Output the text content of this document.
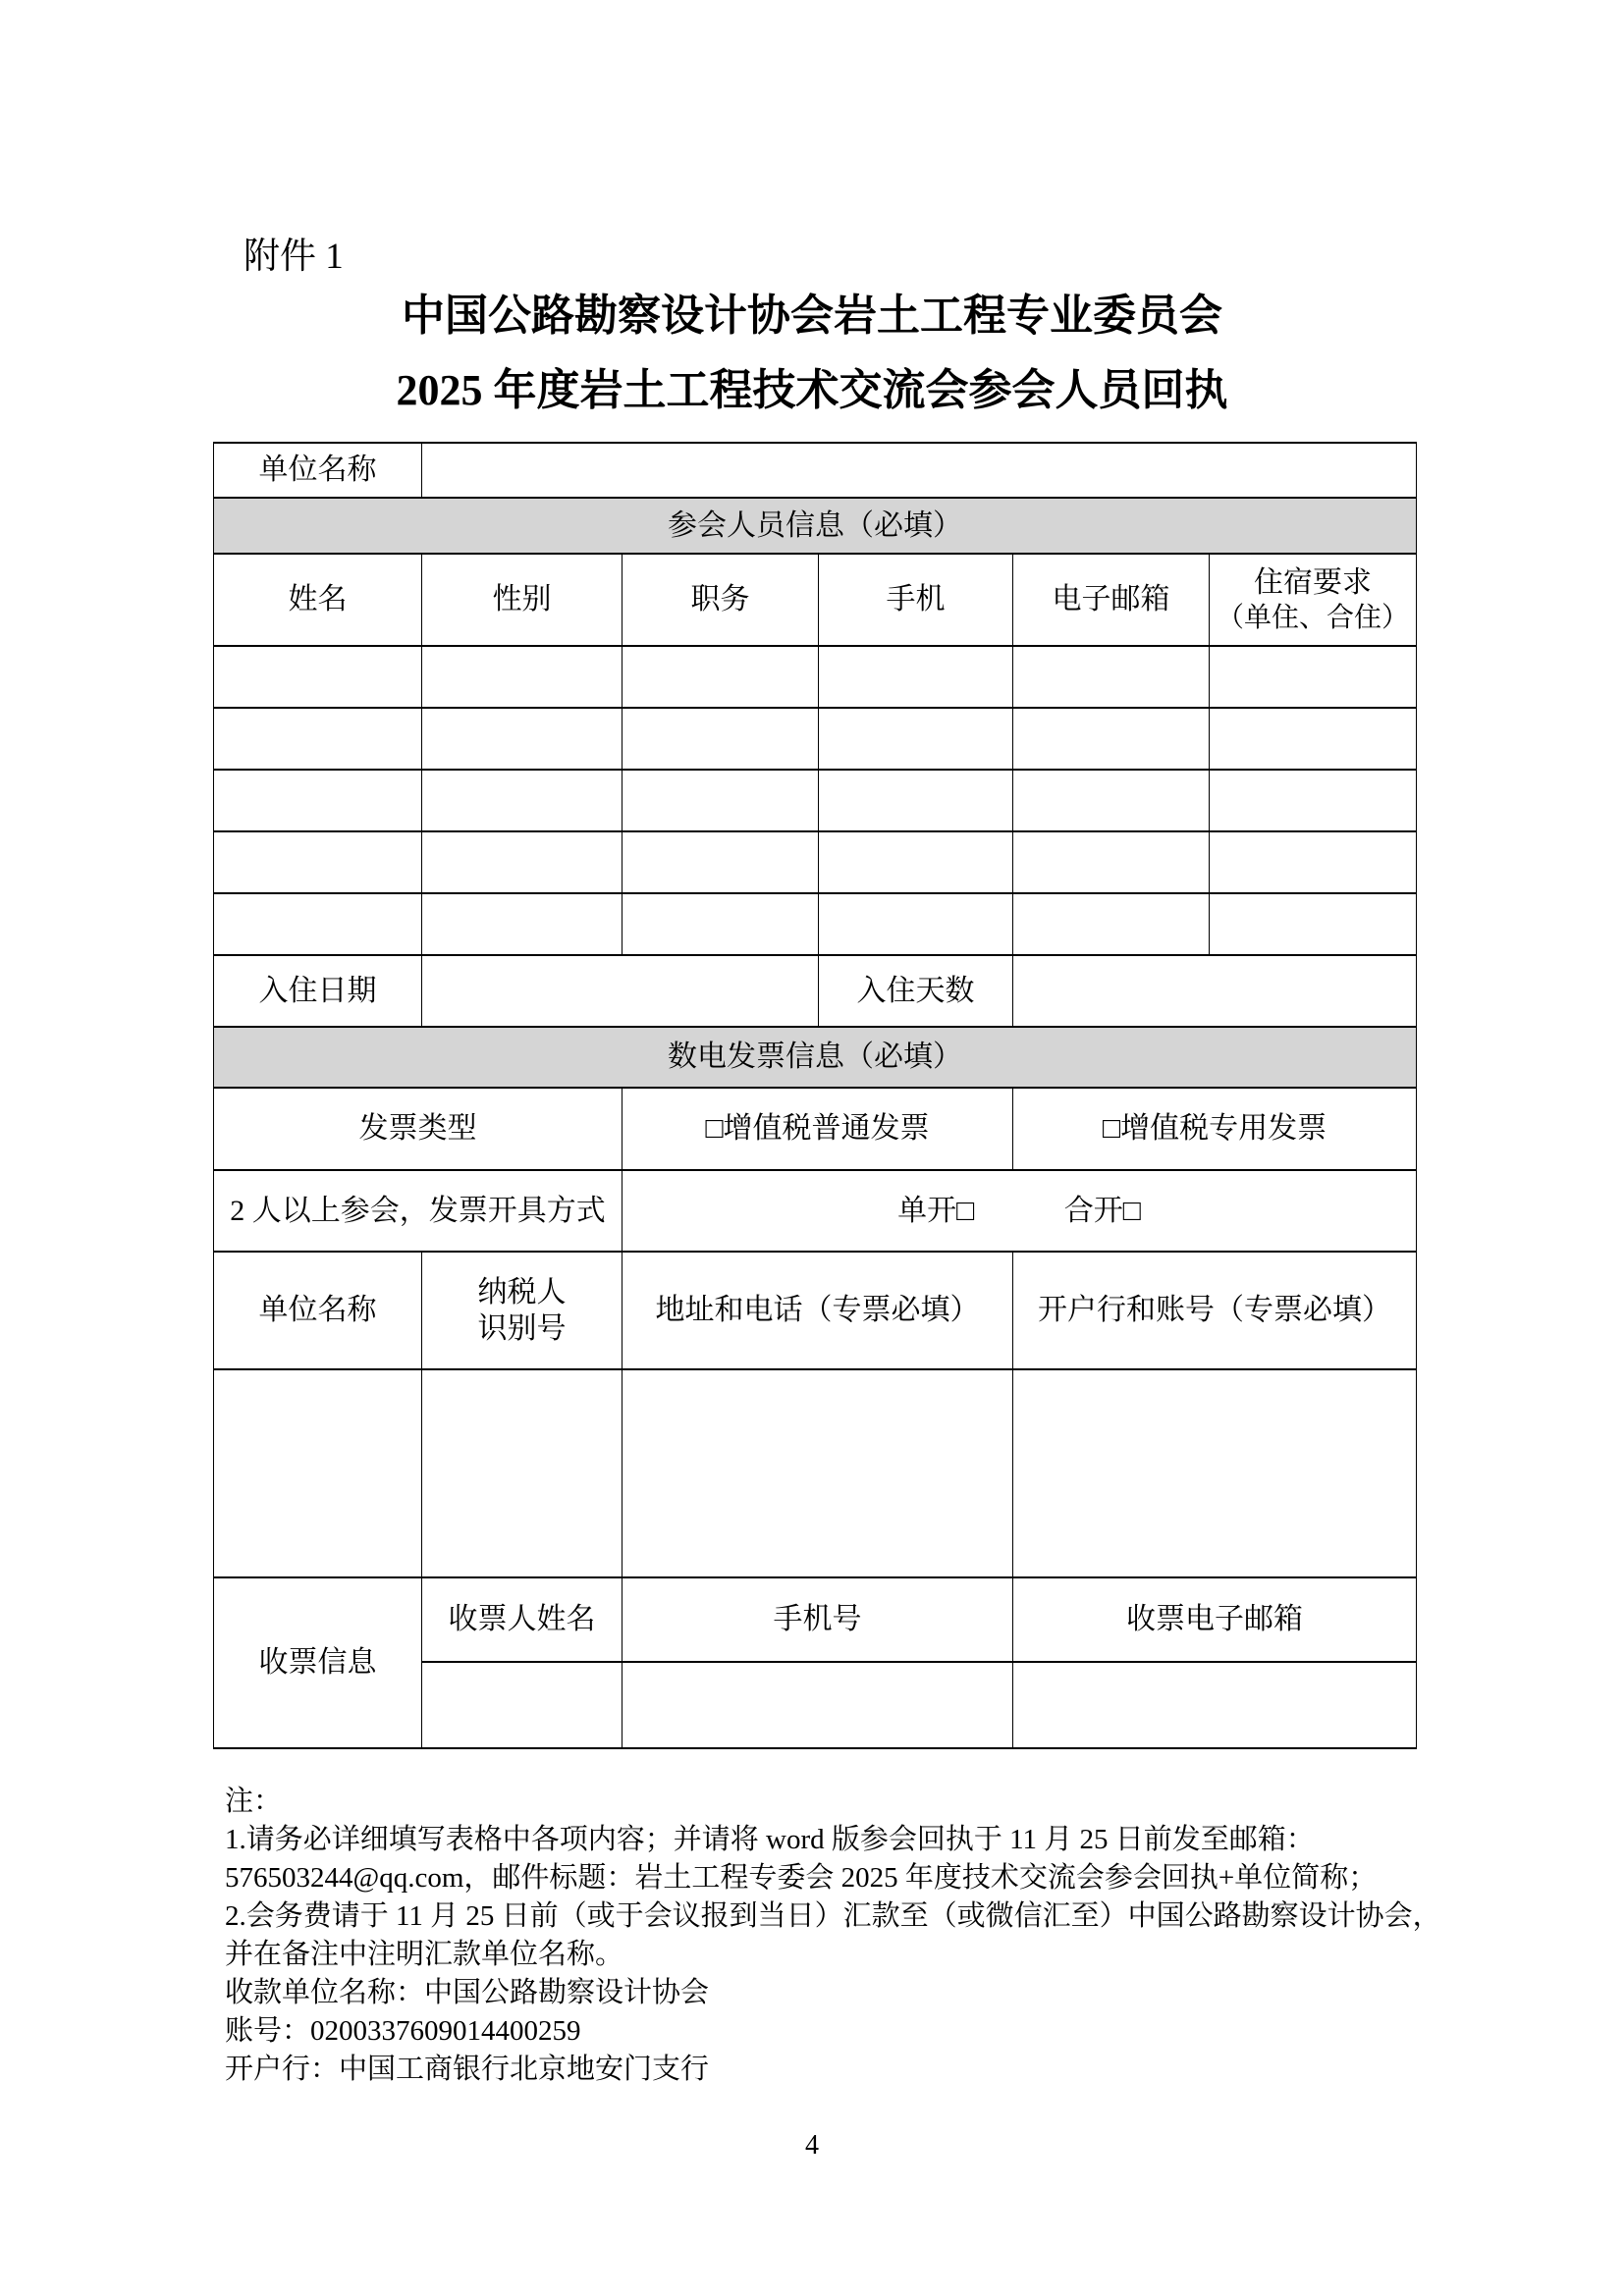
附件 1
中国公路勘察设计协会岩土工程专业委员会
2025 年度岩土工程技术交流会参会人员回执
单位名称					
参会人员信息（必填）					
姓名	性别	职务	手机	电子邮箱	住宿要求
（单住、合住）

入住日期			入住天数		
数电发票信息（必填）					
发票类型		□增值税普通发票		□增值税专用发票	
2 人以上参会，发票开具方式		单开□ 合开□			
单位名称	纳税人
识别号	地址和电话（专票必填）		开户行和账号（专票必填）	

收票信息	收票人姓名	手机号		收票电子邮箱	

注：
1.请务必详细填写表格中各项内容；并请将 word 版参会回执于 11 月 25 日前发至邮箱：
576503244@qq.com，邮件标题：岩土工程专委会 2025 年度技术交流会参会回执+单位简称；
2.会务费请于 11 月 25 日前（或于会议报到当日）汇款至（或微信汇至）中国公路勘察设计协会，
并在备注中注明汇款单位名称。
收款单位名称：中国公路勘察设计协会
账号：0200337609014400259
开户行：中国工商银行北京地安门支行
4
